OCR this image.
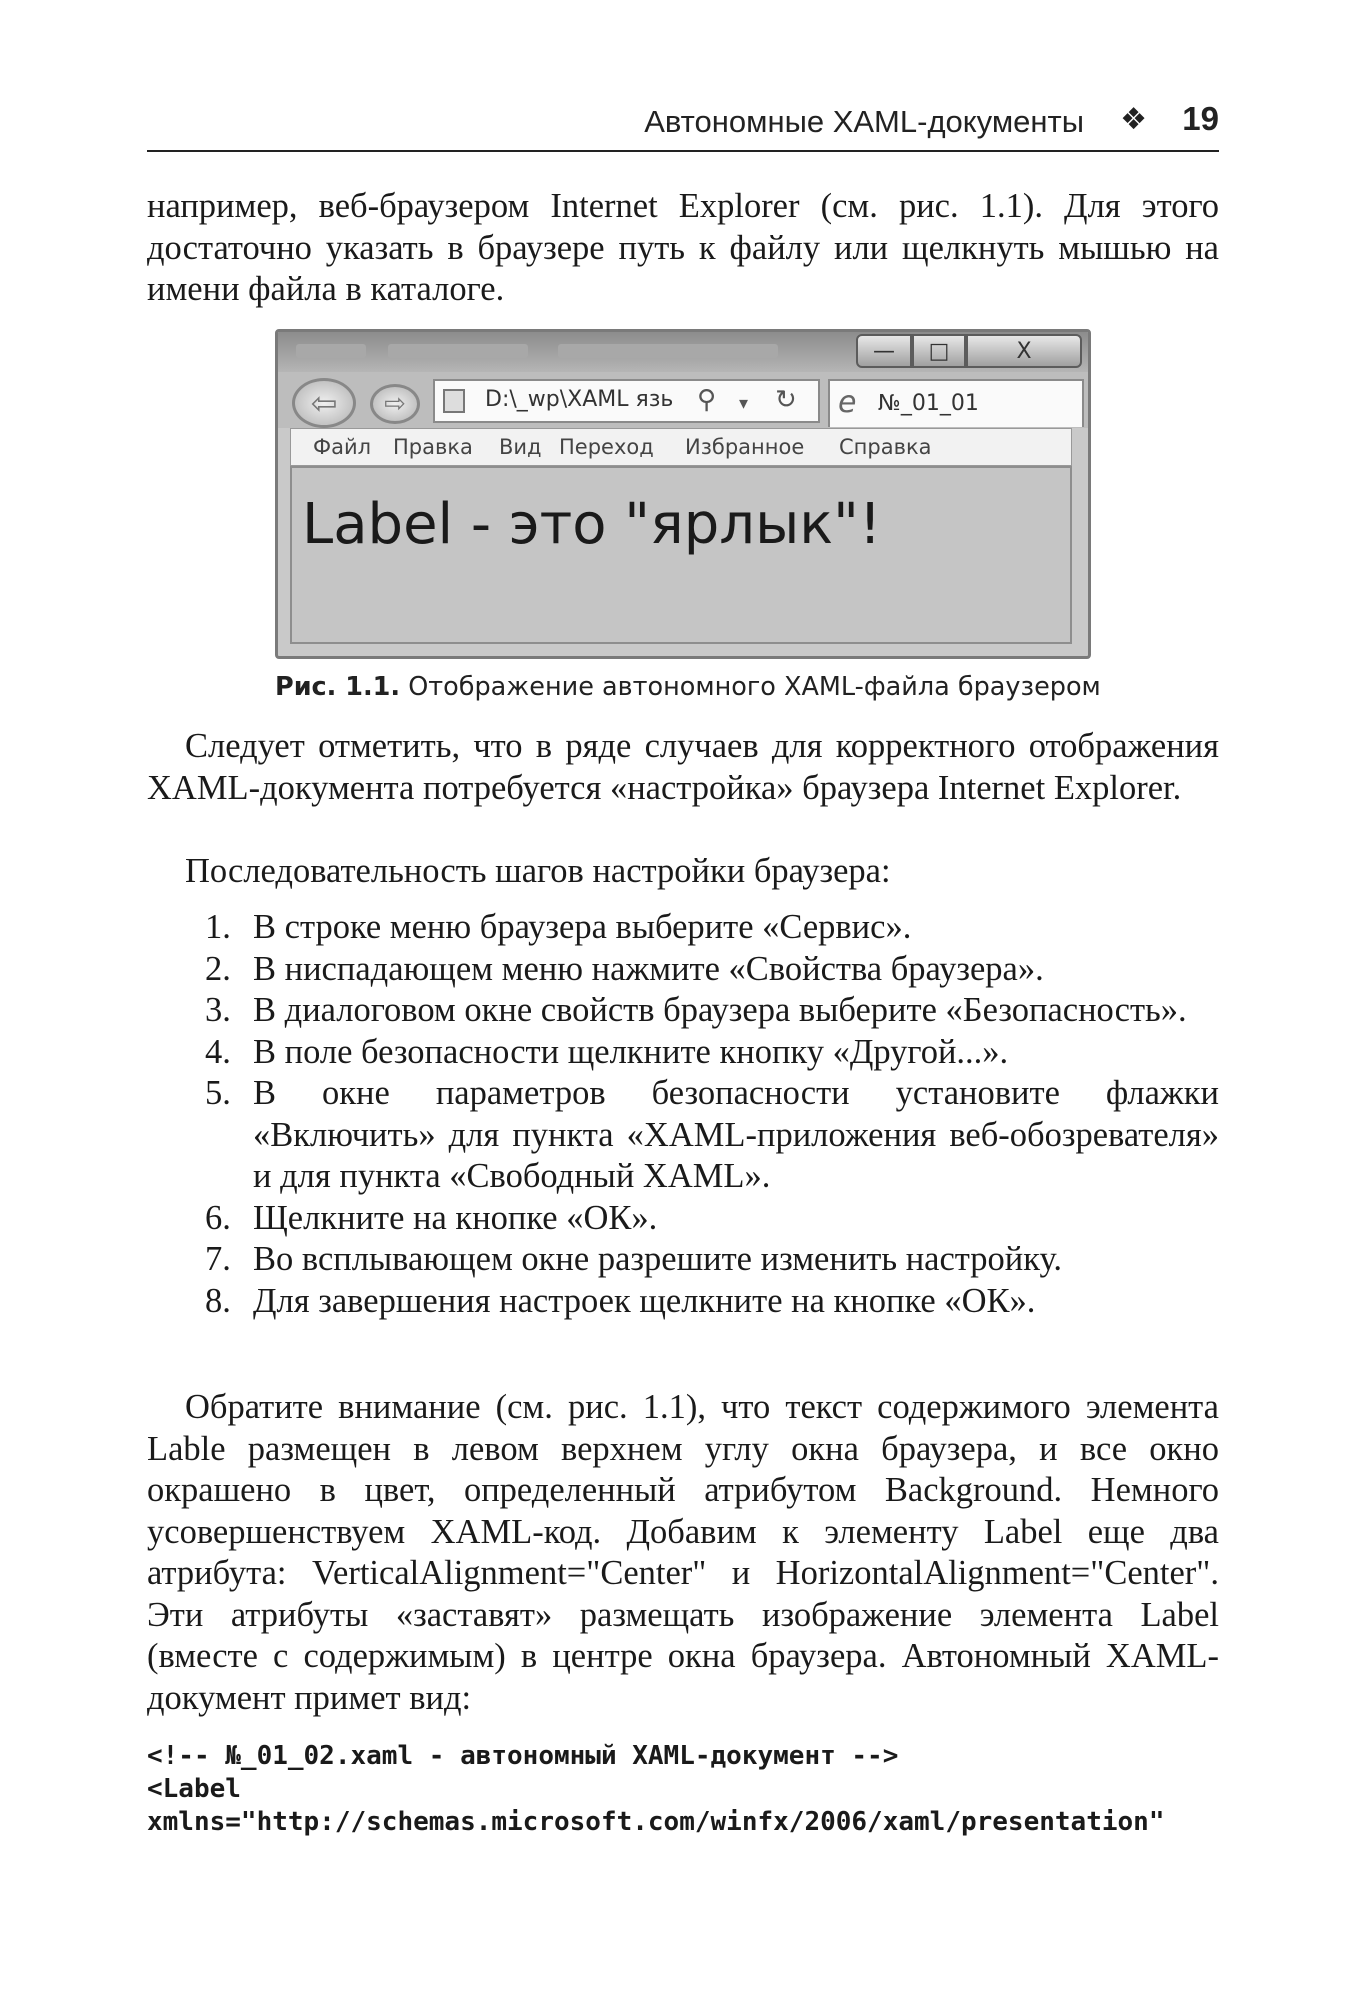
Автономные XAML-документы ❖ 19

например, веб-браузером Internet Explorer (см. рис. 1.1). Для этого достаточно указать в браузере путь к файлу или щелкнуть мышью на имени файла в каталоге.

—	□	X
⇦	⇨	D:\_wp\XAML язь ⚲ ▾ ↻ e №_01_01
Файл Правка Вид Переход Избранное Справка
Label - это "ярлык"!
Рис. 1.1. Отображение автономного XAML-файла браузером

Следует отметить, что в ряде случаев для корректного отображения XAML-документа потребуется «настройка» браузера Internet Explorer.

Последовательность шагов настройки браузера:

1. В строке меню браузера выберите «Сервис».
2. В ниспадающем меню нажмите «Свойства браузера».
3. В диалоговом окне свойств браузера выберите «Безопасность».
4. В поле безопасности щелкните кнопку «Другой...».
5. В окне параметров безопасности установите флажки «Включить» для пункта «XAML-приложения веб-обозревателя» и для пункта «Свободный XAML».
6. Щелкните на кнопке «ОК».
7. Во всплывающем окне разрешите изменить настройку.
8. Для завершения настроек щелкните на кнопке «ОК».

Обратите внимание (см. рис. 1.1), что текст содержимого элемента Lable размещен в левом верхнем углу окна браузера, и все окно окрашено в цвет, определенный атрибутом Background. Немного усовершенствуем XAML-код. Добавим к элементу Label еще два атрибута: VerticalAlignment="Center" и HorizontalAlignment="Center". Эти атрибуты «заставят» размещать изображение элемента Label (вместе с содержимым) в центре окна браузера. Автономный XAML-документ примет вид:

<!-- №_01_02.xaml - автономный XAML-документ -->
<Label
xmlns="http://schemas.microsoft.com/winfx/2006/xaml/presentation"
